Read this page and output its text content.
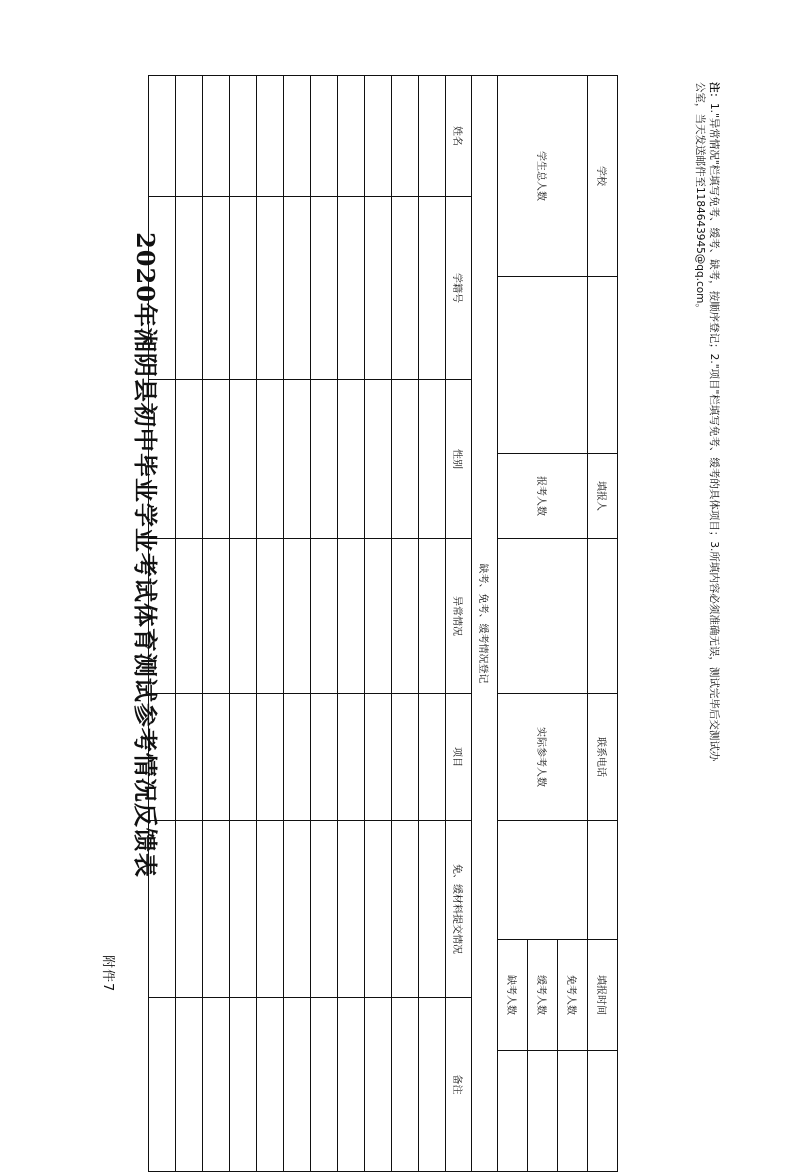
附件7
2020年湘阴县初中毕业学业考试体育测试参考情况反馈表
学校				填报人		联系电话		填报时间		
学生总人数				报考人数		实际参考人数		免考人数		
								缓考人数		
								缺考人数		
缺考、免考、缓考情况登记										
姓名	学籍号		性别		异常情况	项目	免、缓材料提交情况		备注	

注：1."异常情况"栏填写免考、缓考、缺考，按顺序登记；2."项目"栏填写免考、缓考的具体项目；3.所填内容必须准确无误，测试完毕后交测试办
公室，当天发送邮件至1184643945@qq.com。
